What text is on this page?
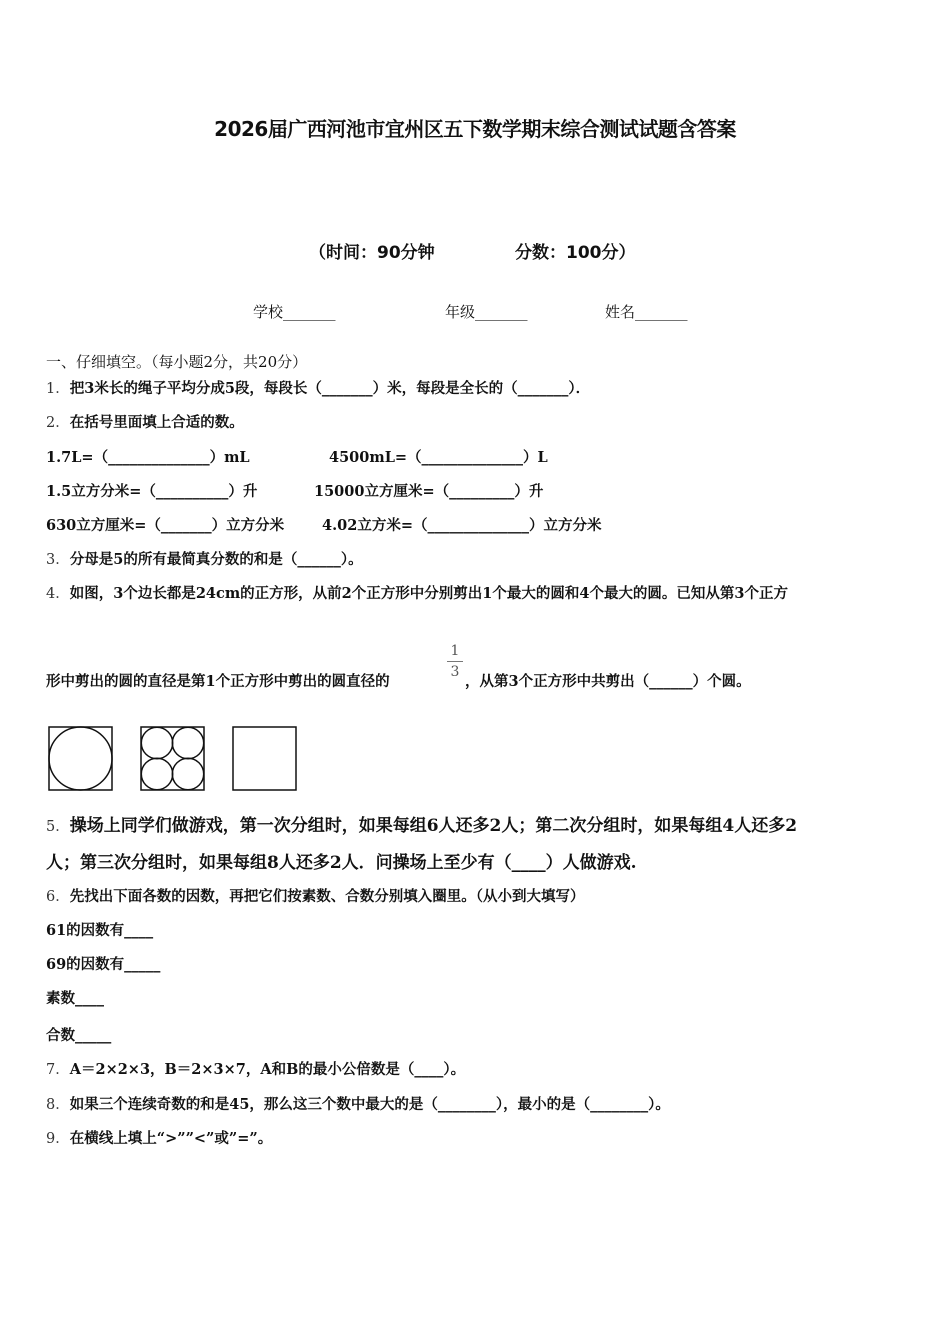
2026届广西河池市宜州区五下数学期末综合测试试题含答案
（时间：90分钟	分数：100分）
学校_______	年级_______	姓名_______
一、仔细填空。（每小题2分，共20分）
1．把3米长的绳子平均分成5段，每段长（_______）米，每段是全长的（_______）．
2．在括号里面填上合适的数。
1.7L=（______________）mL	4500mL=（______________）L
1.5立方分米=（__________）升	15000立方厘米=（_________）升
630立方厘米=（_______）立方分米	4.02立方米=（______________）立方分米
3．分母是5的所有最简真分数的和是（______）。
4．如图，3个边长都是24cm的正方形，从前2个正方形中分别剪出1个最大的圆和4个最大的圆。已知从第3个正方
形中剪出的圆的直径是第1个正方形中剪出的圆直径的
1
3
，从第3个正方形中共剪出（______）个圆。
5．操场上同学们做游戏，第一次分组时，如果每组6人还多2人；第二次分组时，如果每组4人还多2
人；第三次分组时，如果每组8人还多2人．问操场上至少有（____）人做游戏.
6．先找出下面各数的因数，再把它们按素数、合数分别填入圈里。（从小到大填写）
61的因数有____
69的因数有_____
素数____
合数_____
7．A＝2×2×3，B＝2×3×7，A和B的最小公倍数是（____）。
8．如果三个连续奇数的和是45，那么这三个数中最大的是（________），最小的是（________）。
9．在横线上填上“>””<”或”=”。
